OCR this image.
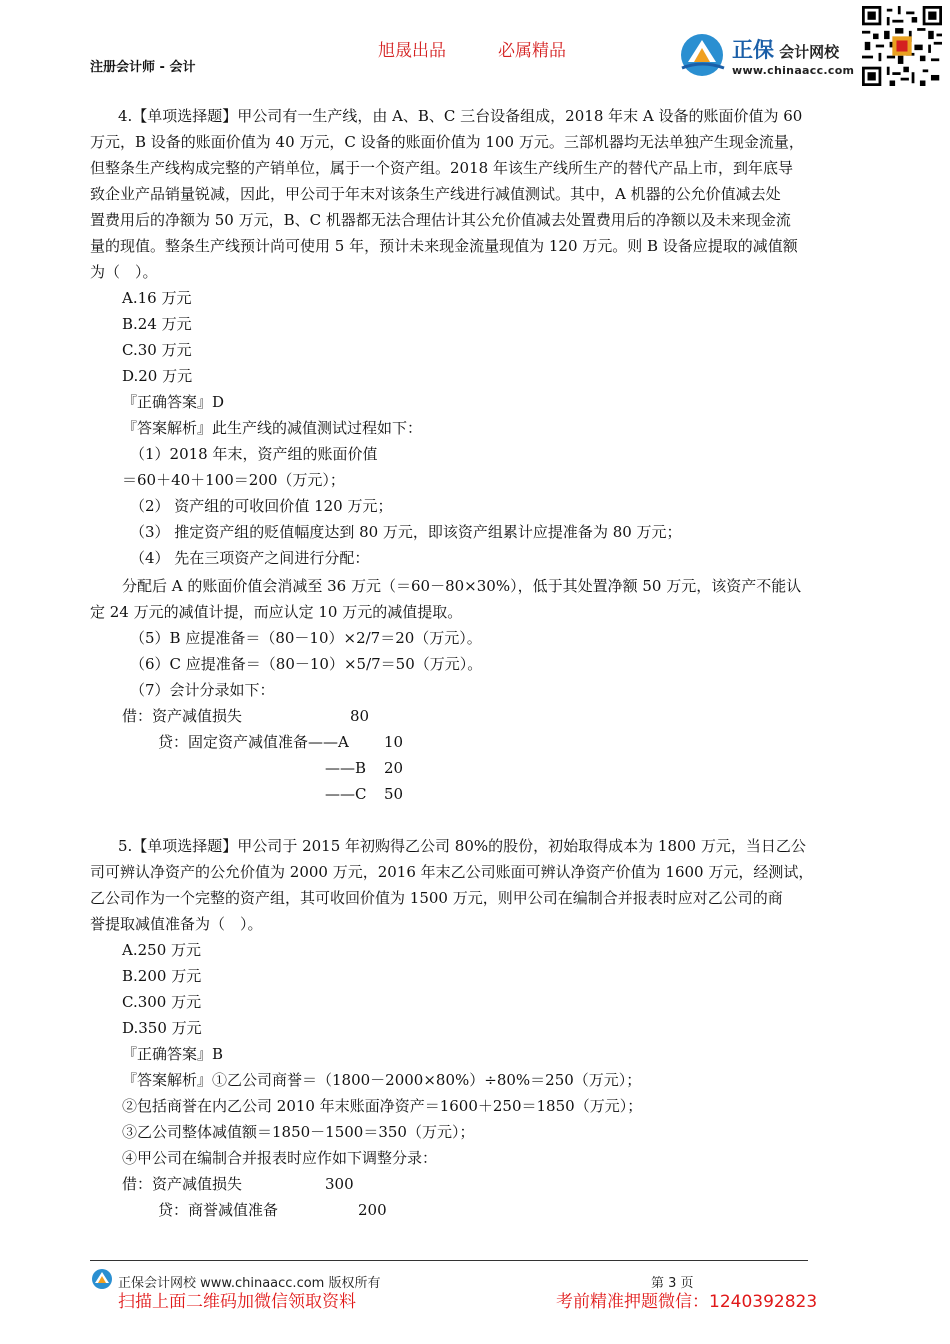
旭晟出品	必属精品
注册会计师 - 会计
正保 会计网校
www.chinaacc.com
4.【单项选择题】甲公司有一生产线，由 A、B、C 三台设备组成，2018 年末 A 设备的账面价值为 60
万元，B 设备的账面价值为 40 万元，C 设备的账面价值为 100 万元。三部机器均无法单独产生现金流量，
但整条生产线构成完整的产销单位，属于一个资产组。2018 年该生产线所生产的替代产品上市，到年底导
致企业产品销量锐减，因此，甲公司于年末对该条生产线进行减值测试。其中，A 机器的公允价值减去处
置费用后的净额为 50 万元，B、C 机器都无法合理估计其公允价值减去处置费用后的净额以及未来现金流
量的现值。整条生产线预计尚可使用 5 年，预计未来现金流量现值为 120 万元。则 B 设备应提取的减值额
为（　）。
A.16 万元
B.24 万元
C.30 万元
D.20 万元
『正确答案』D
『答案解析』此生产线的减值测试过程如下：
（1）2018 年末，资产组的账面价值
＝60＋40＋100＝200（万元）；
（2） 资产组的可收回价值 120 万元；
（3） 推定资产组的贬值幅度达到 80 万元，即该资产组累计应提准备为 80 万元；
（4） 先在三项资产之间进行分配：
分配后 A 的账面价值会消减至 36 万元（＝60－80×30%），低于其处置净额 50 万元，该资产不能认
定 24 万元的减值计提，而应认定 10 万元的减值提取。
（5）B 应提准备＝（80－10）×2/7＝20（万元）。
（6）C 应提准备＝（80－10）×5/7＝50（万元）。
（7）会计分录如下：
借：资产减值损失	80
贷：固定资产减值准备——A 10
——B 20
——C 50
5.【单项选择题】甲公司于 2015 年初购得乙公司 80%的股份，初始取得成本为 1800 万元，当日乙公
司可辨认净资产的公允价值为 2000 万元，2016 年末乙公司账面可辨认净资产价值为 1600 万元，经测试，
乙公司作为一个完整的资产组，其可收回价值为 1500 万元，则甲公司在编制合并报表时应对乙公司的商
誉提取减值准备为（　）。
A.250 万元
B.200 万元
C.300 万元
D.350 万元
『正确答案』B
『答案解析』①乙公司商誉＝（1800－2000×80%）÷80%＝250（万元）；
②包括商誉在内乙公司 2010 年末账面净资产＝1600＋250＝1850（万元）；
③乙公司整体减值额＝1850－1500＝350（万元）；
④甲公司在编制合并报表时应作如下调整分录：
借：资产减值损失	300
贷：商誉减值准备	200
正保会计网校 www.chinaacc.com 版权所有	第 3 页
扫描上面二维码加微信领取资料	考前精准押题微信：1240392823
